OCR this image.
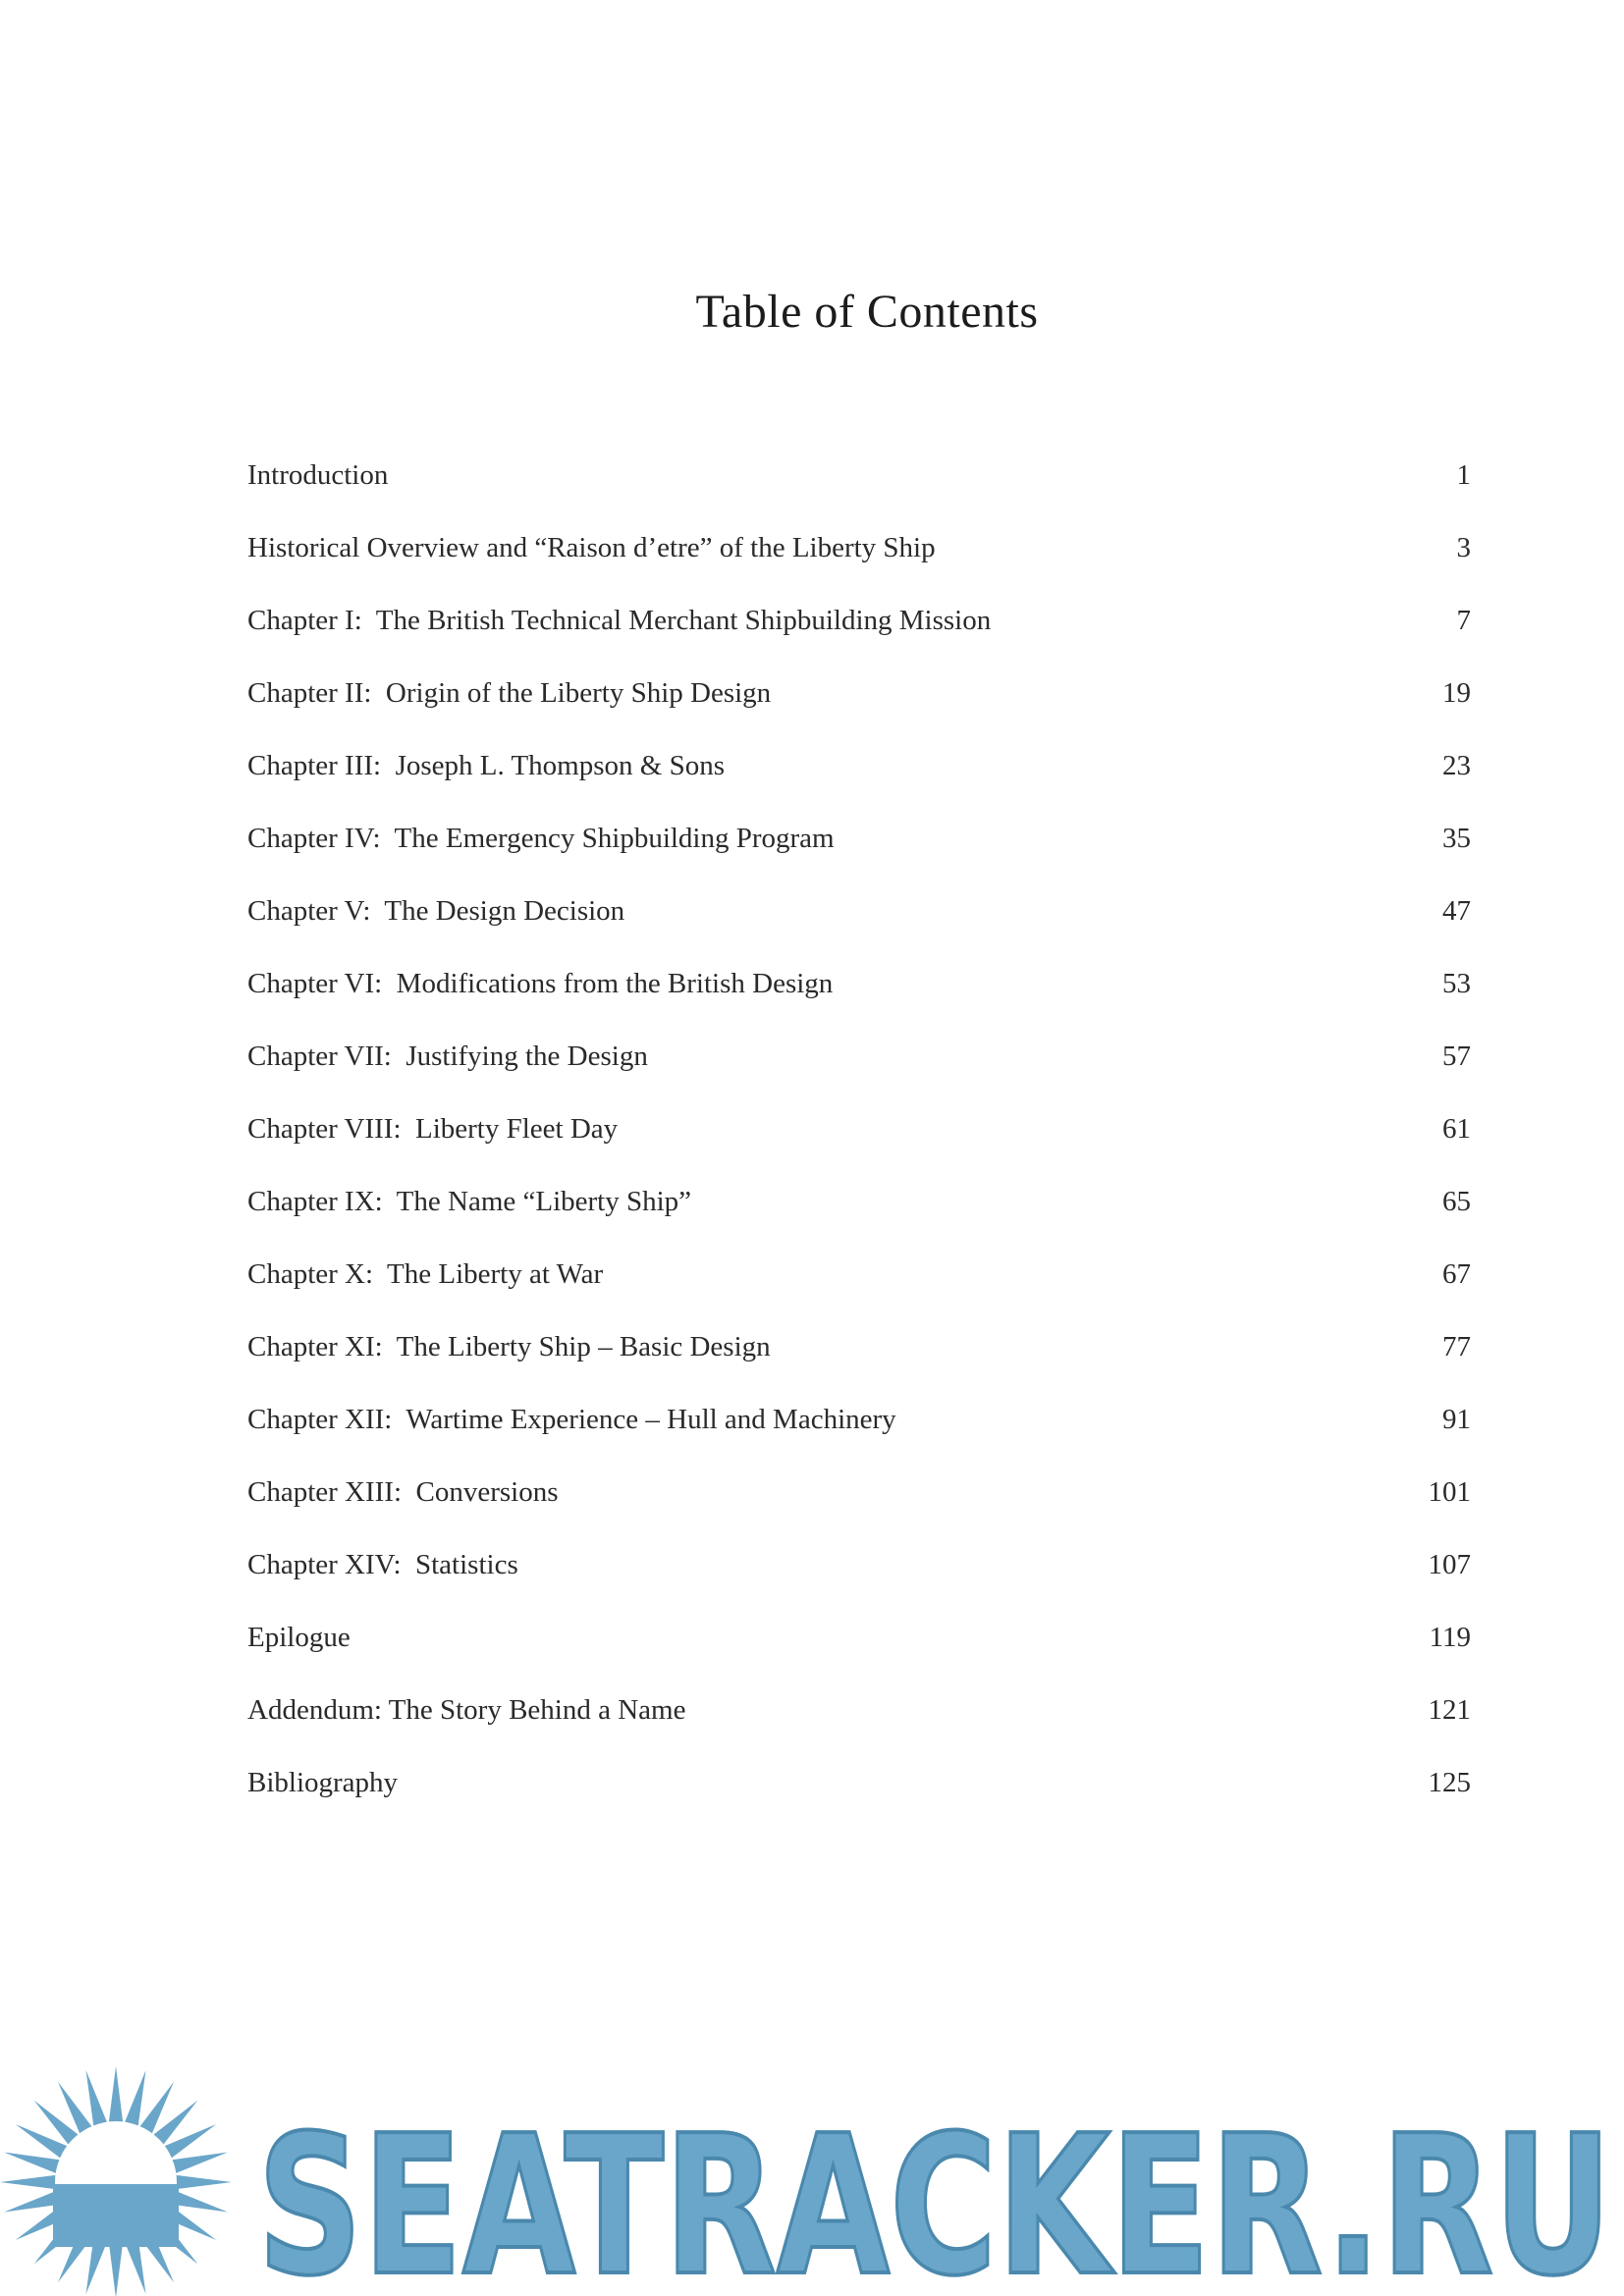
Table of Contents
Introduction	1
Historical Overview and “Raison d’etre” of the Liberty Ship	3
Chapter I:  The British Technical Merchant Shipbuilding Mission	7
Chapter II:  Origin of the Liberty Ship Design	19
Chapter III:  Joseph L. Thompson & Sons	23
Chapter IV:  The Emergency Shipbuilding Program	35
Chapter V:  The Design Decision	47
Chapter VI:  Modifications from the British Design	53
Chapter VII:  Justifying the Design	57
Chapter VIII:  Liberty Fleet Day	61
Chapter IX:  The Name “Liberty Ship”	65
Chapter X:  The Liberty at War	67
Chapter XI:  The Liberty Ship – Basic Design	77
Chapter XII:  Wartime Experience – Hull and Machinery	91
Chapter XIII:  Conversions	101
Chapter XIV:  Statistics	107
Epilogue	119
Addendum: The Story Behind a Name	121
Bibliography	125
SEATRACKER.RU
